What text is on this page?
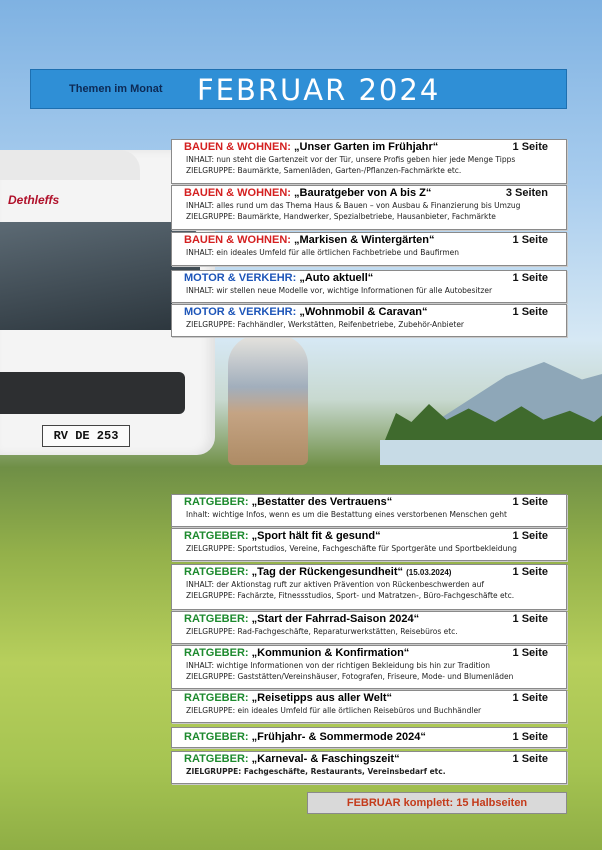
Dethleffs
RV DE 253
Themen im Monat FEBRUAR 2024
BAUEN & WOHNEN: „Unser Garten im Frühjahr“	1 Seite
INHALT: nun steht die Gartenzeit vor der Tür, unsere Profis geben hier jede Menge Tipps
ZIELGRUPPE: Baumärkte, Samenläden, Garten-/Pflanzen-Fachmärkte etc.
BAUEN & WOHNEN: „Bauratgeber von A bis Z“	3 Seiten
INHALT: alles rund um das Thema Haus & Bauen – von Ausbau & Finanzierung bis Umzug
ZIELGRUPPE: Baumärkte, Handwerker, Spezialbetriebe, Hausanbieter, Fachmärkte
BAUEN & WOHNEN: „Markisen & Wintergärten“	1 Seite
INHALT: ein ideales Umfeld für alle örtlichen Fachbetriebe und Baufirmen
MOTOR & VERKEHR: „Auto aktuell“	1 Seite
INHALT: wir stellen neue Modelle vor, wichtige Informationen für alle Autobesitzer
MOTOR & VERKEHR: „Wohnmobil & Caravan“	1 Seite
ZIELGRUPPE: Fachhändler, Werkstätten, Reifenbetriebe, Zubehör-Anbieter
RATGEBER: „Bestatter des Vertrauens“	1 Seite
Inhalt: wichtige Infos, wenn es um die Bestattung eines verstorbenen Menschen geht
RATGEBER: „Sport hält fit & gesund“	1 Seite
ZIELGRUPPE: Sportstudios, Vereine, Fachgeschäfte für Sportgeräte und Sportbekleidung
RATGEBER: „Tag der Rückengesundheit“ (15.03.2024)	1 Seite
INHALT: der Aktionstag ruft zur aktiven Prävention von Rückenbeschwerden auf
ZIELGRUPPE: Fachärzte, Fitnessstudios, Sport- und Matratzen-, Büro-Fachgeschäfte etc.
RATGEBER: „Start der Fahrrad-Saison 2024“	1 Seite
ZIELGRUPPE: Rad-Fachgeschäfte, Reparaturwerkstätten, Reisebüros etc.
RATGEBER: „Kommunion & Konfirmation“	1 Seite
INHALT: wichtige Informationen von der richtigen Bekleidung bis hin zur Tradition
ZIELGRUPPE: Gaststätten/Vereinshäuser, Fotografen, Friseure, Mode- und Blumenläden
RATGEBER: „Reisetipps aus aller Welt“	1 Seite
ZIELGRUPPE: ein ideales Umfeld für alle örtlichen Reisebüros und Buchhändler
RATGEBER: „Frühjahr- & Sommermode 2024“	1 Seite
RATGEBER: „Karneval- & Faschingszeit“	1 Seite
ZIELGRUPPE: Fachgeschäfte, Restaurants, Vereinsbedarf etc.
FEBRUAR komplett: 15 Halbseiten
